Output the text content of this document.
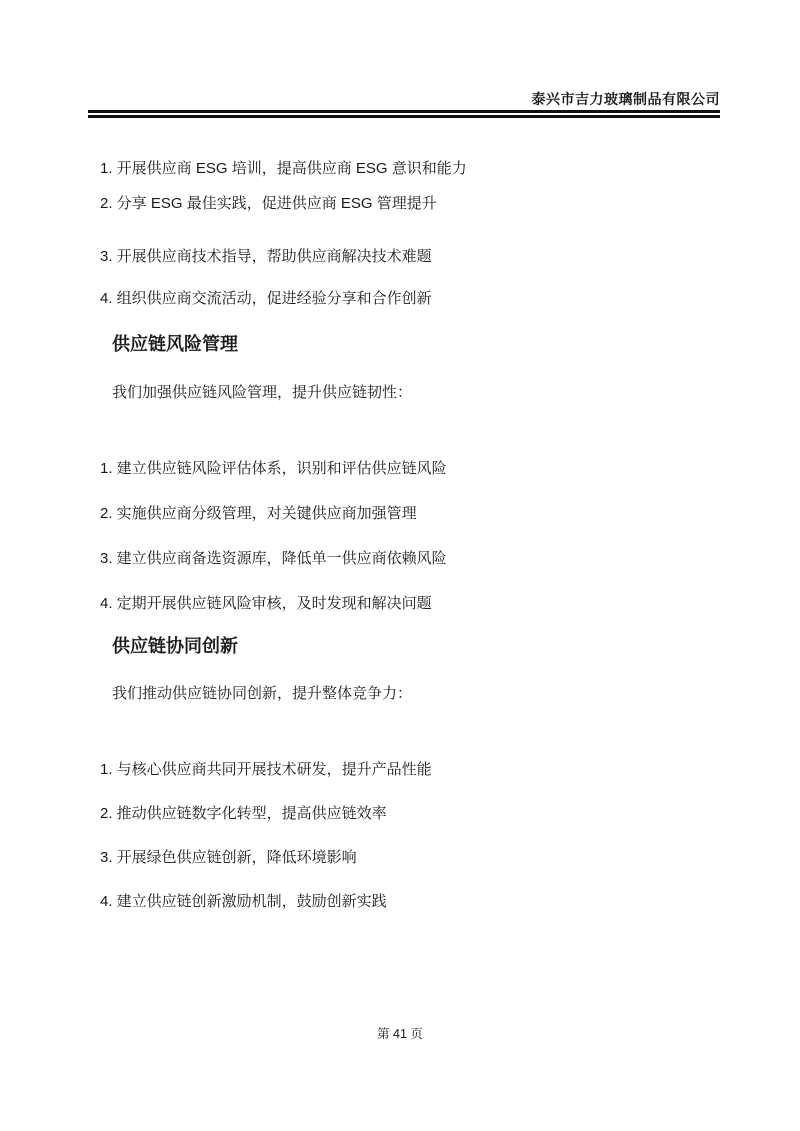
泰兴市吉力玻璃制品有限公司
1. 开展供应商 ESG 培训，提高供应商 ESG 意识和能力
2. 分享 ESG 最佳实践，促进供应商 ESG 管理提升
3. 开展供应商技术指导，帮助供应商解决技术难题
4. 组织供应商交流活动，促进经验分享和合作创新
供应链风险管理
我们加强供应链风险管理，提升供应链韧性：
1. 建立供应链风险评估体系，识别和评估供应链风险
2. 实施供应商分级管理，对关键供应商加强管理
3. 建立供应商备选资源库，降低单一供应商依赖风险
4. 定期开展供应链风险审核，及时发现和解决问题
供应链协同创新
我们推动供应链协同创新，提升整体竞争力：
1. 与核心供应商共同开展技术研发，提升产品性能
2. 推动供应链数字化转型，提高供应链效率
3. 开展绿色供应链创新，降低环境影响
4. 建立供应链创新激励机制，鼓励创新实践
第 41 页
